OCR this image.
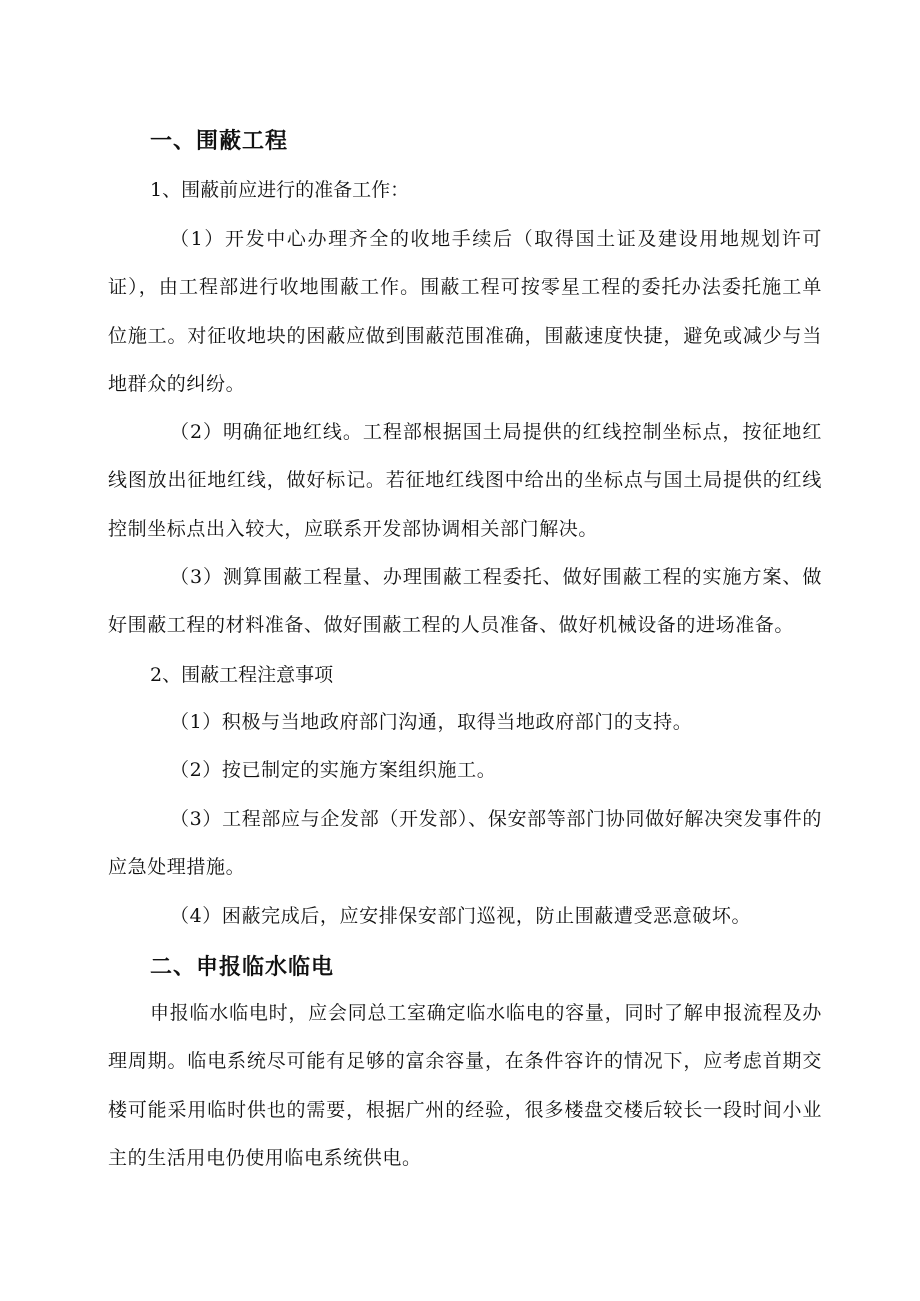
一、围蔽工程

1、围蔽前应进行的准备工作：

（1）开发中心办理齐全的收地手续后（取得国土证及建设用地规划许可证），由工程部进行收地围蔽工作。围蔽工程可按零星工程的委托办法委托施工单位施工。对征收地块的困蔽应做到围蔽范围准确，围蔽速度快捷，避免或减少与当地群众的纠纷。

（2）明确征地红线。工程部根据国土局提供的红线控制坐标点，按征地红线图放出征地红线，做好标记。若征地红线图中给出的坐标点与国土局提供的红线控制坐标点出入较大，应联系开发部协调相关部门解决。

（3）测算围蔽工程量、办理围蔽工程委托、做好围蔽工程的实施方案、做好围蔽工程的材料准备、做好围蔽工程的人员准备、做好机械设备的进场准备。

2、围蔽工程注意事项

（1）积极与当地政府部门沟通，取得当地政府部门的支持。

（2）按已制定的实施方案组织施工。

（3）工程部应与企发部（开发部）、保安部等部门协同做好解决突发事件的应急处理措施。

（4）困蔽完成后，应安排保安部门巡视，防止围蔽遭受恶意破坏。

二、申报临水临电

申报临水临电时，应会同总工室确定临水临电的容量，同时了解申报流程及办理周期。临电系统尽可能有足够的富余容量，在条件容许的情况下，应考虑首期交楼可能采用临时供也的需要，根据广州的经验，很多楼盘交楼后较长一段时间小业主的生活用电仍使用临电系统供电。
